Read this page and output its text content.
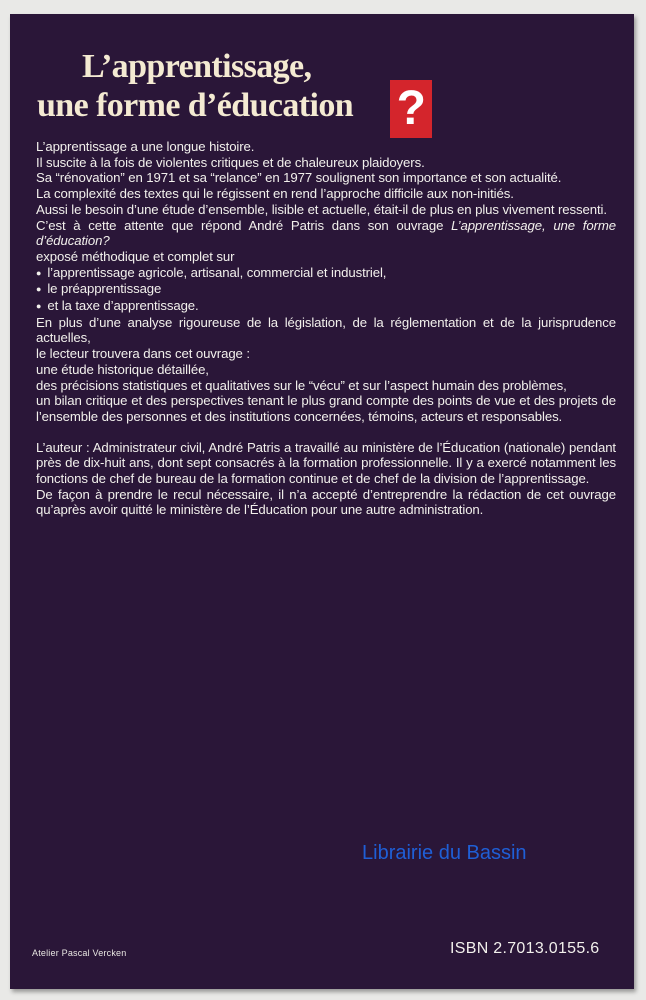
L’apprentissage,
une forme d’éducation ?

L’apprentissage a une longue histoire.

Il suscite à la fois de violentes critiques et de chaleureux plaidoyers.

Sa “rénovation” en 1971 et sa “relance” en 1977 soulignent son importance et son actualité.

La complexité des textes qui le régissent en rend l’approche difficile aux non-initiés.

Aussi le besoin d’une étude d’ensemble, lisible et actuelle, était-il de plus en plus vivement ressenti.

C’est à cette attente que répond André Patris dans son ouvrage L’apprentissage, une forme d’éducation?

exposé méthodique et complet sur

● l’apprentissage agricole, artisanal, commercial et industriel,

● le préapprentissage

● et la taxe d’apprentissage.

En plus d’une analyse rigoureuse de la législation, de la réglementation et de la jurisprudence actuelles,

le lecteur trouvera dans cet ouvrage :

une étude historique détaillée,

des précisions statistiques et qualitatives sur le “vécu” et sur l’aspect humain des problèmes,

un bilan critique et des perspectives tenant le plus grand compte des points de vue et des projets de l’ensemble des personnes et des institutions concernées, témoins, acteurs et responsables.

L’auteur : Administrateur civil, André Patris a travaillé au ministère de l’Éducation (nationale) pendant près de dix-huit ans, dont sept consacrés à la formation professionnelle. Il y a exercé notamment les fonctions de chef de bureau de la formation continue et de chef de la division de l’apprentissage.

De façon à prendre le recul nécessaire, il n’a accepté d’entreprendre la rédaction de cet ouvrage qu’après avoir quitté le ministère de l’Éducation pour une autre administration.

Librairie du Bassin
Atelier Pascal Vercken	ISBN 2.7013.0155.6
